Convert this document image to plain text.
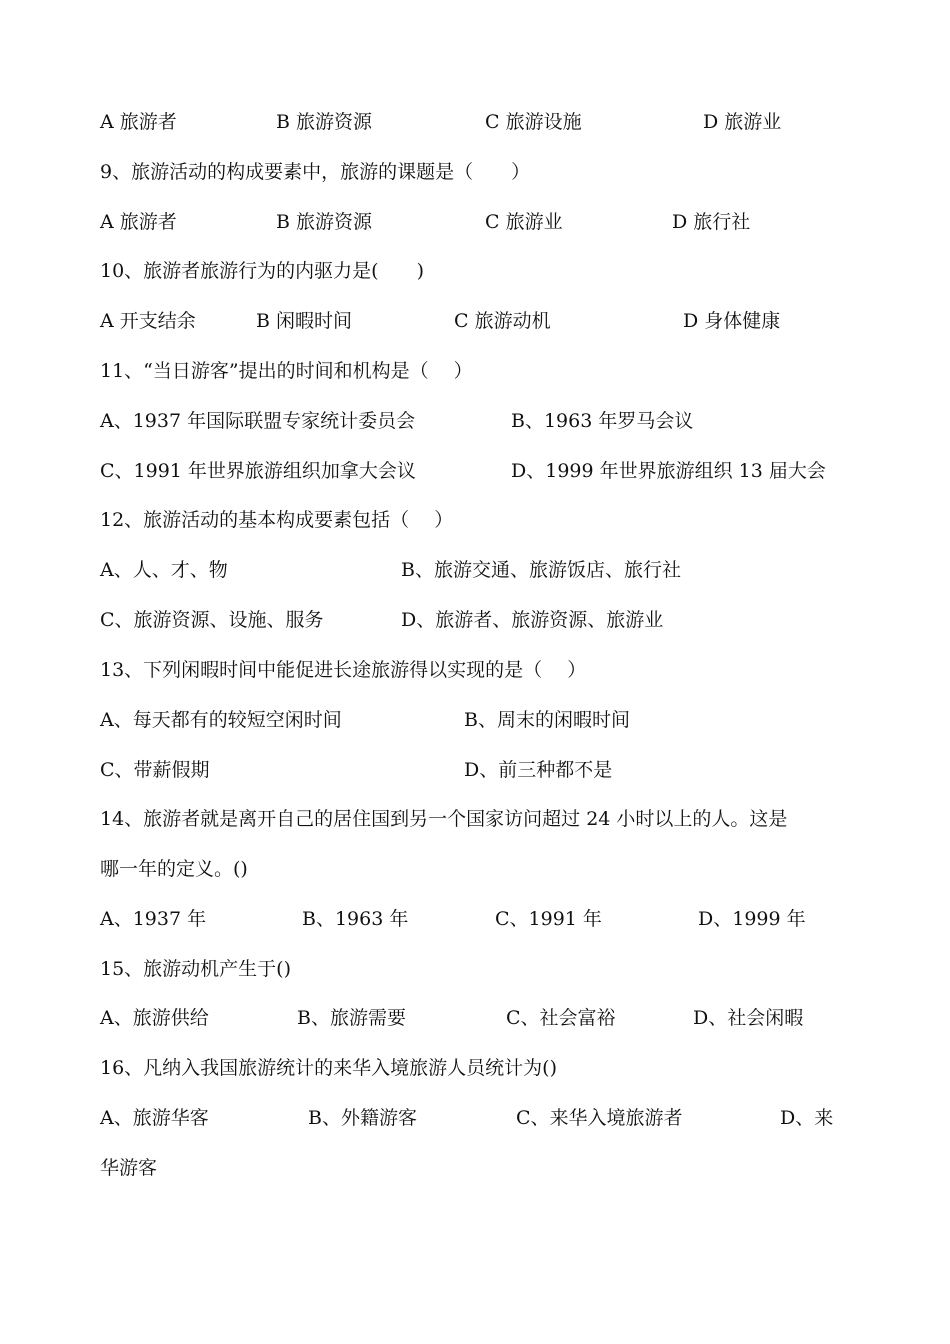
A 旅游者	B 旅游资源	C 旅游设施	D 旅游业
9、旅游活动的构成要素中，旅游的课题是（　　）
A 旅游者	B 旅游资源	C 旅游业	D 旅行社
10、旅游者旅游行为的内驱力是(　　)
A 开支结余	B 闲暇时间	C 旅游动机	D 身体健康
11、“当日游客”提出的时间和机构是（　 ）
A、1937 年国际联盟专家统计委员会	B、1963 年罗马会议
C、1991 年世界旅游组织加拿大会议	D、1999 年世界旅游组织 13 届大会
12、旅游活动的基本构成要素包括（　 ）
A、人、才、物	B、旅游交通、旅游饭店、旅行社
C、旅游资源、设施、服务	D、旅游者、旅游资源、旅游业
13、下列闲暇时间中能促进长途旅游得以实现的是（　 ）
A、每天都有的较短空闲时间	B、周末的闲暇时间
C、带薪假期	D、前三种都不是
14、旅游者就是离开自己的居住国到另一个国家访问超过 24 小时以上的人。这是
哪一年的定义。()
A、1937 年	B、1963 年	C、1991 年	D、1999 年
15、旅游动机产生于()
A、旅游供给	B、旅游需要	C、社会富裕	D、社会闲暇
16、凡纳入我国旅游统计的来华入境旅游人员统计为()
A、旅游华客	B、外籍游客	C、来华入境旅游者	D、来
华游客
